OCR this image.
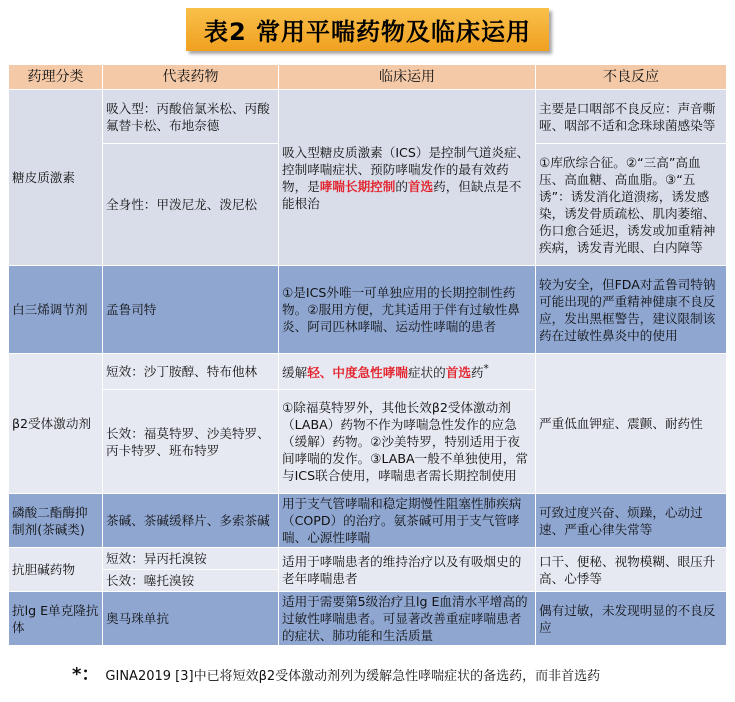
表2 常用平喘药物及临床运用
药理分类	代表药物	临床运用	不良反应
糖皮质激素	吸入型：丙酸倍氯米松、丙酸氟替卡松、布地奈德	吸入型糖皮质激素（ICS）是控制气道炎症、控制哮喘症状、预防哮喘发作的最有效药物，是哮喘长期控制的首选药，但缺点是不能根治	主要是口咽部不良反应：声音嘶哑、咽部不适和念珠球菌感染等
	全身性：甲泼尼龙、泼尼松		①库欣综合征。②“三高”高血压、高血糖、高血脂。③“五诱”：诱发消化道溃疡，诱发感染，诱发骨质疏松、肌肉萎缩、伤口愈合延迟，诱发或加重精神疾病，诱发青光眼、白内障等
白三烯调节剂	孟鲁司特	①是ICS外唯一可单独应用的长期控制性药物。②服用方便，尤其适用于伴有过敏性鼻炎、阿司匹林哮喘、运动性哮喘的患者	较为安全，但FDA对孟鲁司特钠可能出现的严重精神健康不良反应，发出黑框警告，建议限制该药在过敏性鼻炎中的使用
β2受体激动剂	短效：沙丁胺醇、特布他林	缓解轻、中度急性哮喘症状的首选药*	严重低血钾症、震颤、耐药性
	长效：福莫特罗、沙美特罗、丙卡特罗、班布特罗	①除福莫特罗外，其他长效β2受体激动剂（LABA）药物不作为哮喘急性发作的应急（缓解）药物。②沙美特罗，特别适用于夜间哮喘的发作。③LABA一般不单独使用，常与ICS联合使用，哮喘患者需长期控制使用	
磷酸二酯酶抑制剂(茶碱类)	茶碱、茶碱缓释片、多索茶碱	用于支气管哮喘和稳定期慢性阻塞性肺疾病（COPD）的治疗。氨茶碱可用于支气管哮喘、心源性哮喘	可致过度兴奋、烦躁，心动过速、严重心律失常等
抗胆碱药物	短效：异丙托溴铵	适用于哮喘患者的维持治疗以及有吸烟史的老年哮喘患者	口干、便秘、视物模糊、眼压升高、心悸等
	长效：噻托溴铵		
抗lg E单克隆抗体	奥马珠单抗	适用于需要第5级治疗且lg E血清水平增高的过敏性哮喘患者。可显著改善重症哮喘患者的症状、肺功能和生活质量	偶有过敏，未发现明显的不良反应
*： GINA2019 [3]中已将短效β2受体激动剂列为缓解急性哮喘症状的备选药，而非首选药
